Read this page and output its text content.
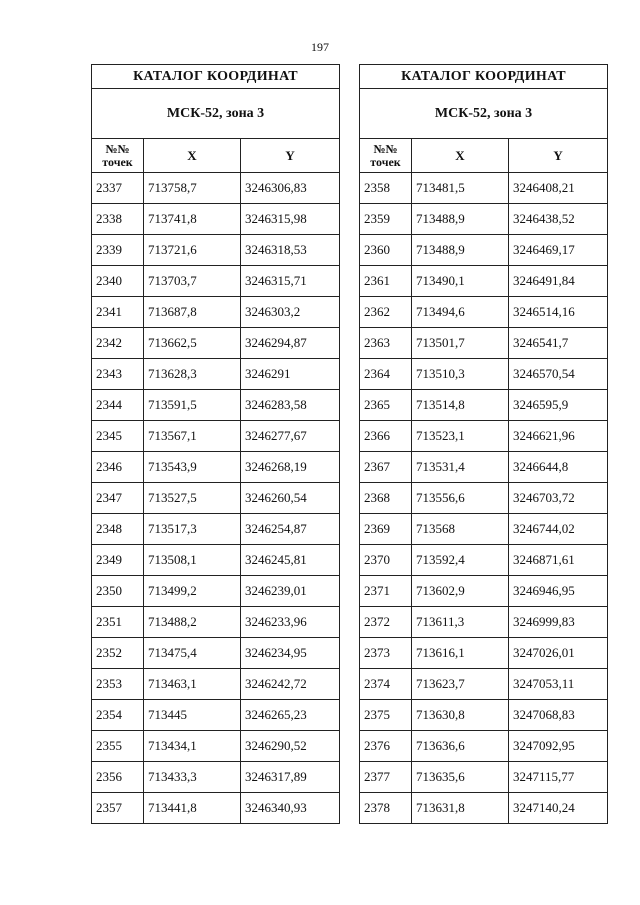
197
КАТАЛОГ КООРДИНАТ		
МСК-52, зона 3		
№№ точек	X	Y
2337	713758,7	3246306,83
2338	713741,8	3246315,98
2339	713721,6	3246318,53
2340	713703,7	3246315,71
2341	713687,8	3246303,2
2342	713662,5	3246294,87
2343	713628,3	3246291
2344	713591,5	3246283,58
2345	713567,1	3246277,67
2346	713543,9	3246268,19
2347	713527,5	3246260,54
2348	713517,3	3246254,87
2349	713508,1	3246245,81
2350	713499,2	3246239,01
2351	713488,2	3246233,96
2352	713475,4	3246234,95
2353	713463,1	3246242,72
2354	713445	3246265,23
2355	713434,1	3246290,52
2356	713433,3	3246317,89
2357	713441,8	3246340,93
КАТАЛОГ КООРДИНАТ		
МСК-52, зона 3		
№№ точек	X	Y
2358	713481,5	3246408,21
2359	713488,9	3246438,52
2360	713488,9	3246469,17
2361	713490,1	3246491,84
2362	713494,6	3246514,16
2363	713501,7	3246541,7
2364	713510,3	3246570,54
2365	713514,8	3246595,9
2366	713523,1	3246621,96
2367	713531,4	3246644,8
2368	713556,6	3246703,72
2369	713568	3246744,02
2370	713592,4	3246871,61
2371	713602,9	3246946,95
2372	713611,3	3246999,83
2373	713616,1	3247026,01
2374	713623,7	3247053,11
2375	713630,8	3247068,83
2376	713636,6	3247092,95
2377	713635,6	3247115,77
2378	713631,8	3247140,24
